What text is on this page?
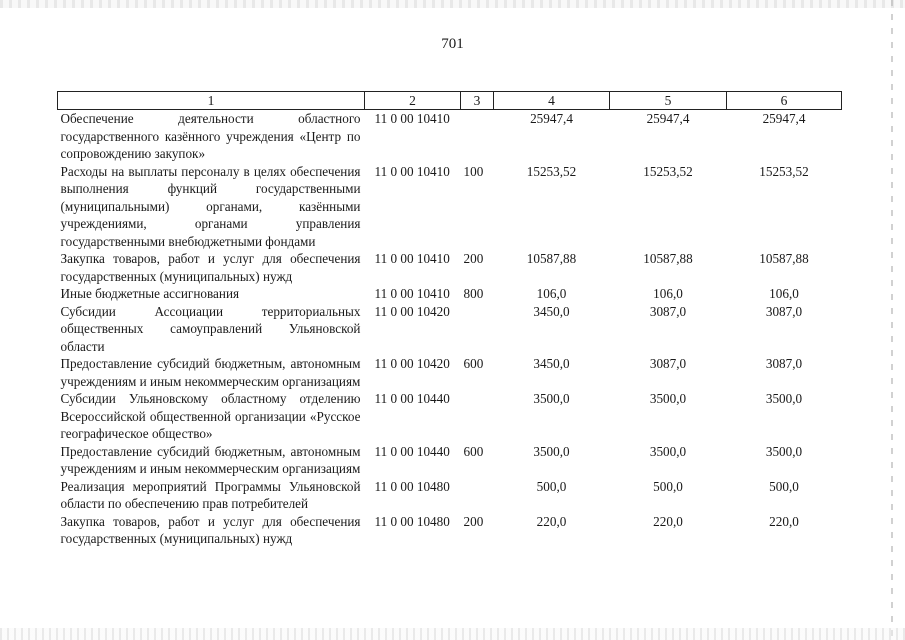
701
1	2	3	4	5	6
Обеспечение деятельности областного государственного казённого учреждения «Центр по сопровождению закупок»	11 0 00 10410		25947,4	25947,4	25947,4
Расходы на выплаты персоналу в целях обеспечения выполнения функций государственными (муниципальными) органами, казёнными учреждениями, органами управления государственными внебюджетными фондами	11 0 00 10410	100	15253,52	15253,52	15253,52
Закупка товаров, работ и услуг для обеспечения государственных (муниципальных) нужд	11 0 00 10410	200	10587,88	10587,88	10587,88
Иные бюджетные ассигнования	11 0 00 10410	800	106,0	106,0	106,0
Субсидии Ассоциации территориальных общественных самоуправлений Ульяновской области	11 0 00 10420		3450,0	3087,0	3087,0
Предоставление субсидий бюджетным, автономным учреждениям и иным некоммерческим организациям	11 0 00 10420	600	3450,0	3087,0	3087,0
Субсидии Ульяновскому областному отделению Всероссийской общественной организации «Русское географическое общество»	11 0 00 10440		3500,0	3500,0	3500,0
Предоставление субсидий бюджетным, автономным учреждениям и иным некоммерческим организациям	11 0 00 10440	600	3500,0	3500,0	3500,0
Реализация мероприятий Программы Ульяновской области по обеспечению прав потребителей	11 0 00 10480		500,0	500,0	500,0
Закупка товаров, работ и услуг для обеспечения государственных (муниципальных) нужд	11 0 00 10480	200	220,0	220,0	220,0
